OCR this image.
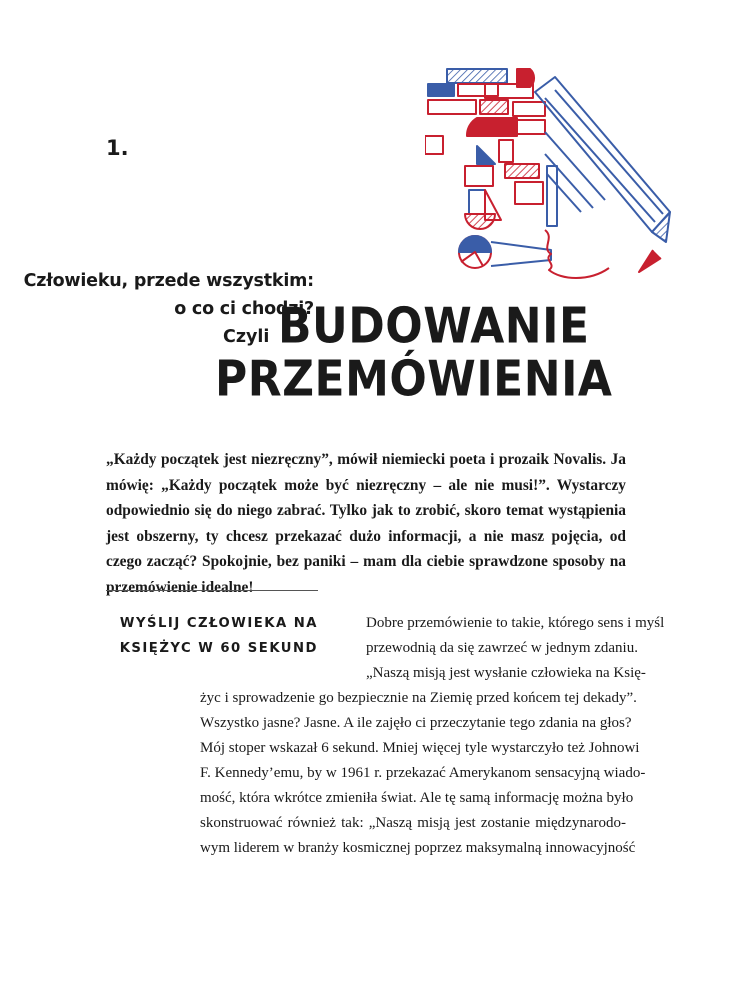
1.
Człowieku, przede wszystkim:
o co ci chodzi?
Czyli BUDOWANIE
PRZEMÓWIENIA
„Każdy początek jest niezręczny”, mówił niemiecki poeta i prozaik Novalis. Ja mówię: „Każdy początek może być niezręczny – ale nie musi!”. Wystarczy odpowiednio się do niego zabrać. Tylko jak to zrobić, skoro temat wystąpienia jest obszerny, ty chcesz przekazać dużo informacji, a nie masz pojęcia, od czego zacząć? Spokojnie, bez paniki – mam dla ciebie sprawdzone sposoby na przemówienie idealne!
WYŚLIJ CZŁOWIEKA NA
KSIĘŻYC W 60 SEKUND
Dobre przemówienie to takie, którego sens i myśl
przewodnią da się zawrzeć w jednym zdaniu.
„Naszą misją jest wysłanie człowieka na Księ-
życ i sprowadzenie go bezpiecznie na Ziemię przed końcem tej dekady”.
Wszystko jasne? Jasne. A ile zajęło ci przeczytanie tego zdania na głos?
Mój stoper wskazał 6 sekund. Mniej więcej tyle wystarczyło też Johnowi
F. Kennedy’emu, by w 1961 r. przekazać Amerykanom sensacyjną wiado-
mość, która wkrótce zmieniła świat. Ale tę samą informację można było
skonstruować również tak: „Naszą misją jest zostanie międzynarodo-
wym liderem w branży kosmicznej poprzez maksymalną innowacyjność
